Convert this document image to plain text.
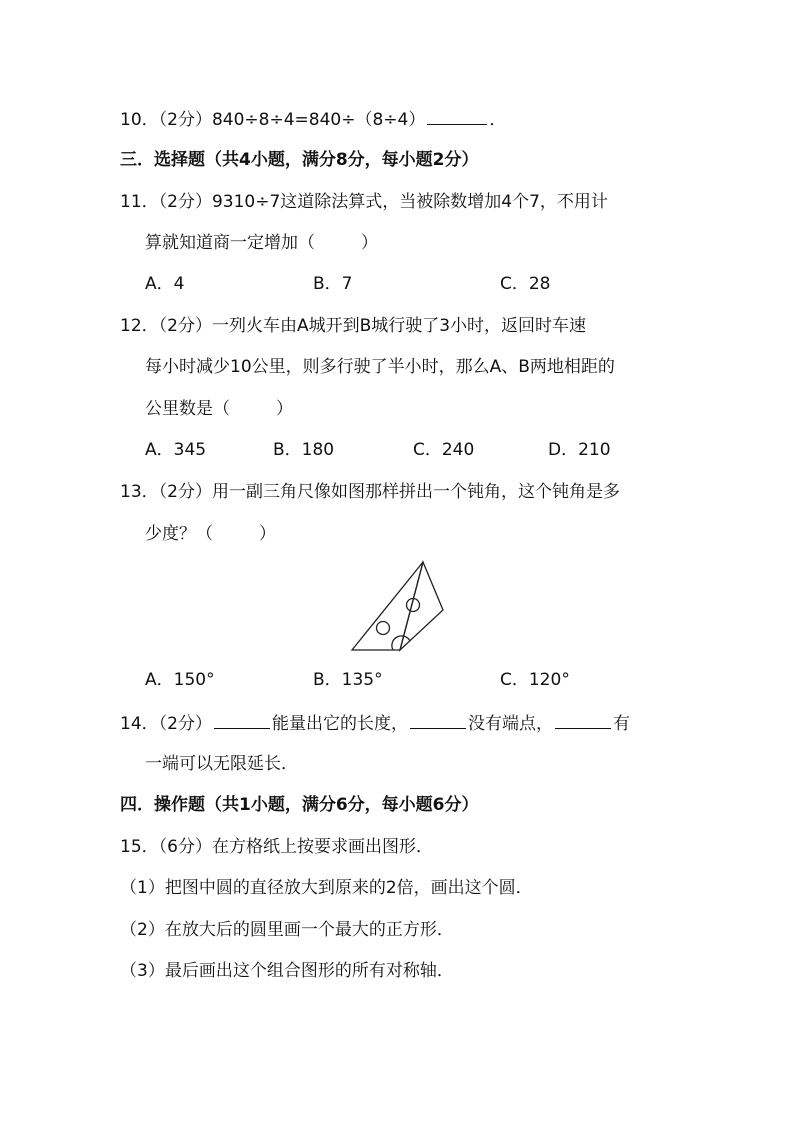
10．（2分）840÷8÷4=840÷（8÷4）	．
三．选择题（共4小题，满分8分，每小题2分）
11．（2分）9310÷7这道除法算式，当被除数增加4个7，不用计
算就知道商一定增加（	）
A．4	B．7	C．28
12．（2分）一列火车由A城开到B城行驶了3小时，返回时车速
每小时减少10公里，则多行驶了半小时，那么A、B两地相距的
公里数是（	）
A．345	B．180	C．240	D．210
13．（2分）用一副三角尺像如图那样拼出一个钝角，这个钝角是多
少度？（	）
A．150°	B．135°	C．120°
14．（2分）	能量出它的长度，	没有端点，	有
一端可以无限延长．
四．操作题（共1小题，满分6分，每小题6分）
15．（6分）在方格纸上按要求画出图形．
（1）把图中圆的直径放大到原来的2倍，画出这个圆．
（2）在放大后的圆里画一个最大的正方形．
（3）最后画出这个组合图形的所有对称轴．
